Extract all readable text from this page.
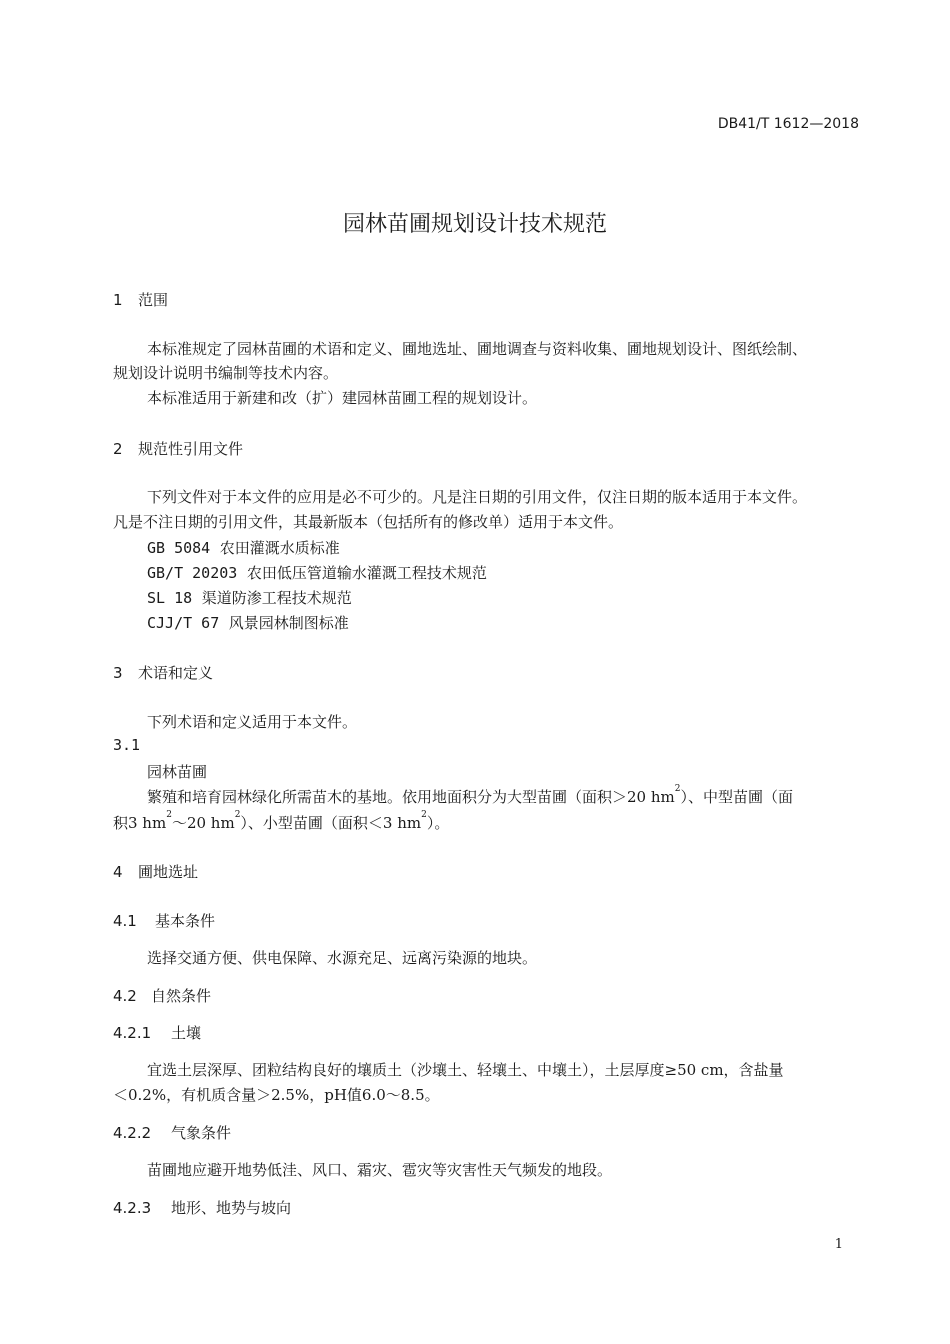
DB41/T 1612—2018
园林苗圃规划设计技术规范
1 范围
本标准规定了园林苗圃的术语和定义、圃地选址、圃地调查与资料收集、圃地规划设计、图纸绘制、
规划设计说明书编制等技术内容。
本标准适用于新建和改（扩）建园林苗圃工程的规划设计。
2 规范性引用文件
下列文件对于本文件的应用是必不可少的。凡是注日期的引用文件，仅注日期的版本适用于本文件。
凡是不注日期的引用文件，其最新版本（包括所有的修改单）适用于本文件。
GB 5084 农田灌溉水质标准
GB/T 20203 农田低压管道输水灌溉工程技术规范
SL 18 渠道防渗工程技术规范
CJJ/T 67 风景园林制图标准
3 术语和定义
下列术语和定义适用于本文件。
3.1
园林苗圃
繁殖和培育园林绿化所需苗木的基地。依用地面积分为大型苗圃（面积＞20 $hm^2$）、中型苗圃（面
积3 $hm^2\sim 20$ $hm^2$）、小型苗圃（面积＜3 $hm^2$）。
4 圃地选址
4.1 基本条件
选择交通方便、供电保障、水源充足、远离污染源的地块。
4.2 自然条件
4.2.1 土壤
宜选土层深厚、团粒结构良好的壤质土（沙壤土、轻壤土、中壤土），土层厚度≥50 cm，含盐量
＜0.2%，有机质含量＞2.5%，pH值6.0～8.5。
4.2.2 气象条件
苗圃地应避开地势低洼、风口、霜灾、雹灾等灾害性天气频发的地段。
4.2.3 地形、地势与坡向
1
